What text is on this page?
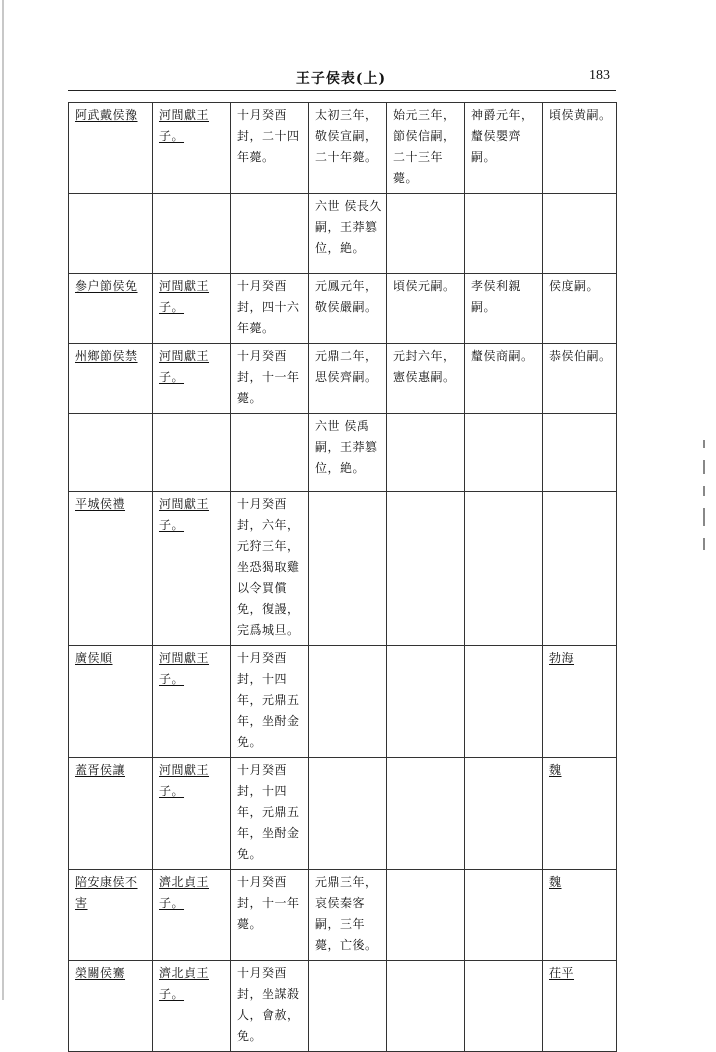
王子侯表(上)	183
阿武戴侯豫	河間獻王子。	十月癸酉封，二十四年薨。	太初三年，敬侯宣嗣，二十年薨。	始元三年，節侯信嗣，二十三年薨。	神爵元年，釐侯嬰齊嗣。	頃侯黄嗣。
			六世 侯長久嗣，王莽篡位，絶。			
參户節侯免	河間獻王子。	十月癸酉封，四十六年薨。	元鳳元年，敬侯嚴嗣。	頃侯元嗣。	孝侯利親嗣。	侯度嗣。
州鄉節侯禁	河間獻王子。	十月癸酉封，十一年薨。	元鼎二年，思侯齊嗣。	元封六年，憲侯惠嗣。	釐侯商嗣。	恭侯伯嗣。
			六世 侯禹嗣，王莽篡位，絶。			
平城侯禮	河間獻王子。	十月癸酉封，六年，元狩三年，坐恐猲取雞以令買償免，復謾，完爲城旦。				
廣侯順	河間獻王子。	十月癸酉封，十四年，元鼎五年，坐酎金免。				勃海
蓋胥侯讓	河間獻王子。	十月癸酉封，十四年，元鼎五年，坐酎金免。				魏
陪安康侯不害	濟北貞王子。	十月癸酉封，十一年薨。	元鼎三年，哀侯秦客嗣，三年薨，亡後。			魏
榮關侯騫	濟北貞王子。	十月癸酉封，坐謀殺人，會赦，免。				茌平
